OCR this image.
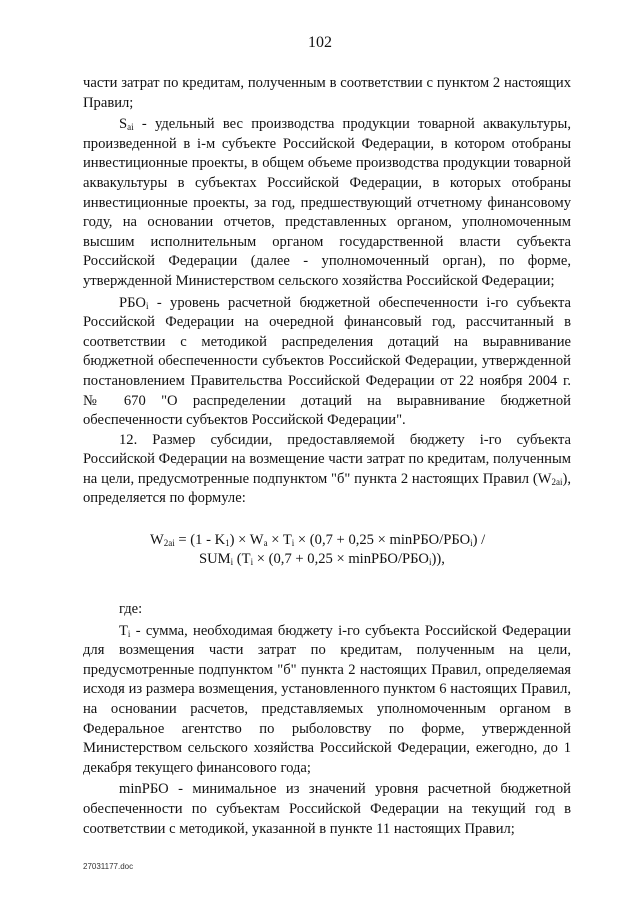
102

части затрат по кредитам, полученным в соответствии с пунктом 2 настоящих Правил;

$S_{ai}$ - удельный вес производства продукции товарной аквакультуры, произведенной в i-м субъекте Российской Федерации, в котором отобраны инвестиционные проекты, в общем объеме производства продукции товарной аквакультуры в субъектах Российской Федерации, в которых отобраны инвестиционные проекты, за год, предшествующий отчетному финансовому году, на основании отчетов, представленных органом, уполномоченным высшим исполнительным органом государственной власти субъекта Российской Федерации (далее - уполномоченный орган), по форме, утвержденной Министерством сельского хозяйства Российской Федерации;

$РБО_i$ - уровень расчетной бюджетной обеспеченности i-го субъекта Российской Федерации на очередной финансовый год, рассчитанный в соответствии с методикой распределения дотаций на выравнивание бюджетной обеспеченности субъектов Российской Федерации, утвержденной постановлением Правительства Российской Федерации от 22 ноября 2004 г. № 670 "О распределении дотаций на выравнивание бюджетной обеспеченности субъектов Российской Федерации".

12. Размер субсидии, предоставляемой бюджету i-го субъекта Российской Федерации на возмещение части затрат по кредитам, полученным на цели, предусмотренные подпунктом "б" пункта 2 настоящих Правил $(W_{2ai})$, определяется по формуле:

$W_{2ai} = (1 - K_1) \times W_a \times T_i \times (0,7 + 0,25 \times \min РБО/РБО_i)$ /
$SUM_i$ $(T_i \times (0,7 + 0,25 \times \min РБО/РБО_i))$,

где:

$T_i$ - сумма, необходимая бюджету i-го субъекта Российской Федерации для возмещения части затрат по кредитам, полученным на цели, предусмотренные подпунктом "б" пункта 2 настоящих Правил, определяемая исходя из размера возмещения, установленного пунктом 6 настоящих Правил, на основании расчетов, представляемых уполномоченным органом в Федеральное агентство по рыболовству по форме, утвержденной Министерством сельского хозяйства Российской Федерации, ежегодно, до 1 декабря текущего финансового года;

minРБО - минимальное из значений уровня расчетной бюджетной обеспеченности по субъектам Российской Федерации на текущий год в соответствии с методикой, указанной в пункте 11 настоящих Правил;

27031177.doc
